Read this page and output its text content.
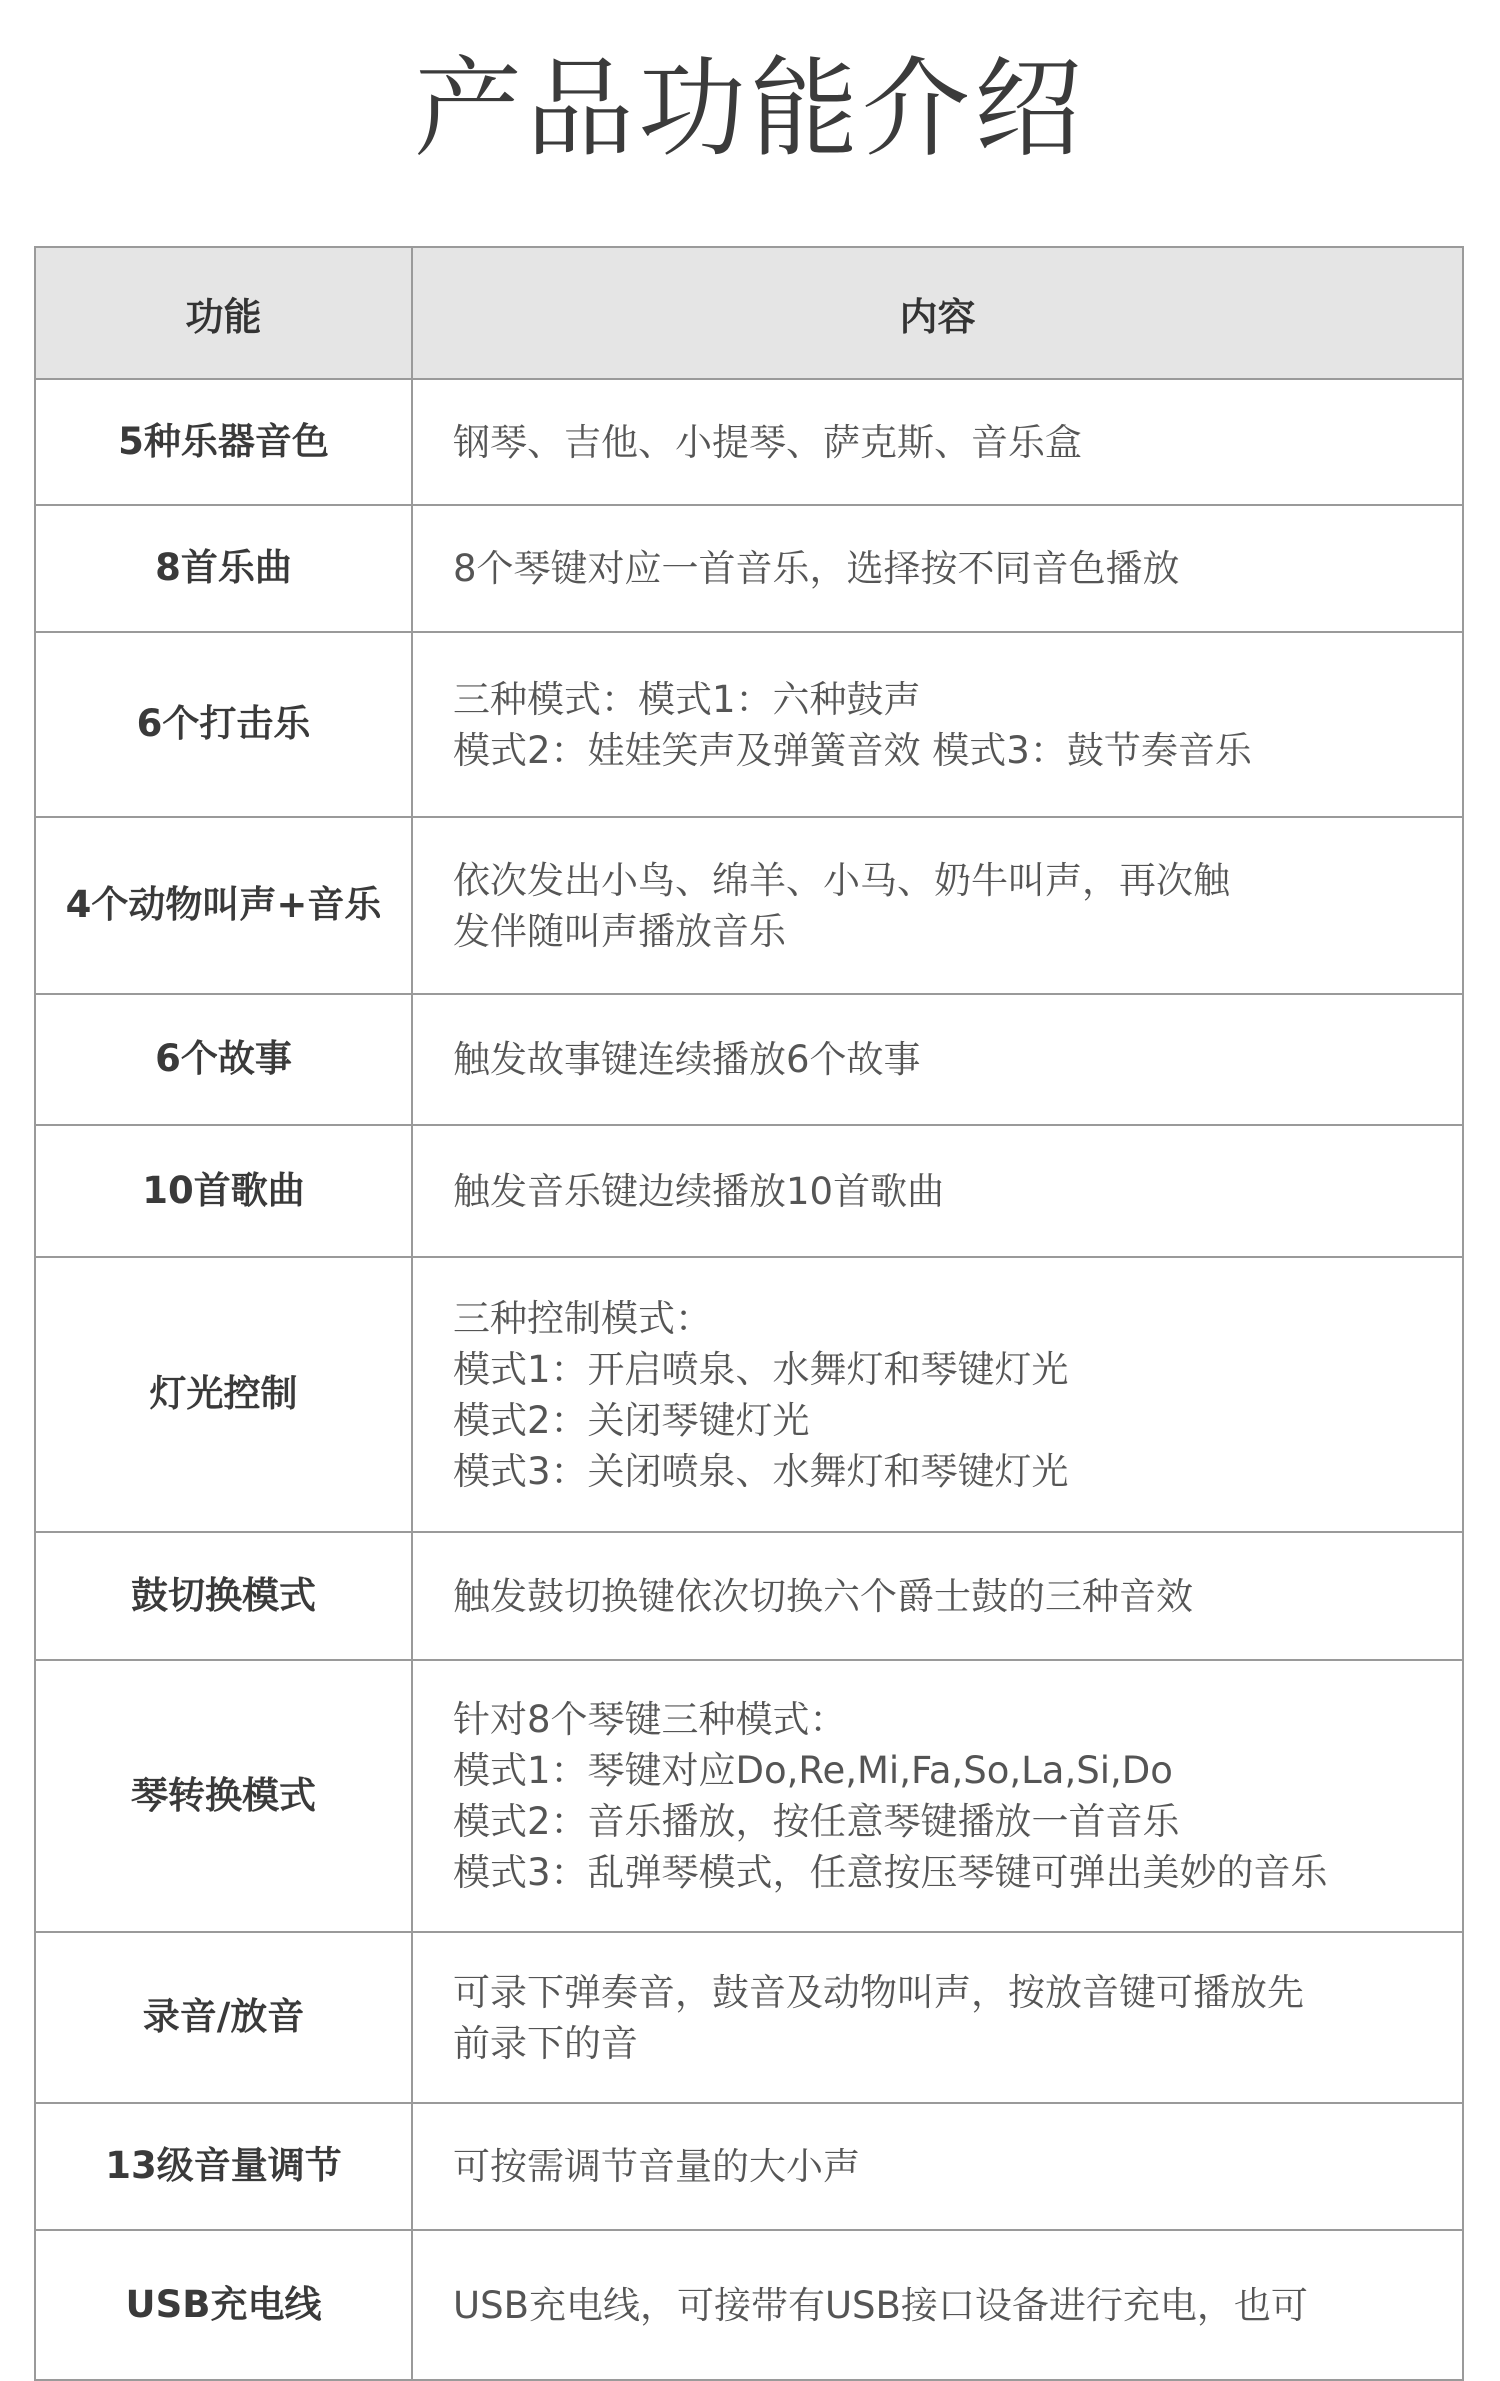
产品功能介绍
功能	内容
5种乐器音色	钢琴、吉他、小提琴、萨克斯、音乐盒

8首乐曲	8个琴键对应一首音乐，选择按不同音色播放

6个打击乐	三种模式：模式1：六种鼓声
模式2：娃娃笑声及弹簧音效 模式3：鼓节奏音乐

4个动物叫声+音乐	依次发出小鸟、绵羊、小马、奶牛叫声，再次触
发伴随叫声播放音乐

6个故事	触发故事键连续播放6个故事

10首歌曲	触发音乐键边续播放10首歌曲

灯光控制	三种控制模式：
模式1：开启喷泉、水舞灯和琴键灯光
模式2：关闭琴键灯光
模式3：关闭喷泉、水舞灯和琴键灯光

鼓切换模式	触发鼓切换键依次切换六个爵士鼓的三种音效

琴转换模式	针对8个琴键三种模式：
模式1：琴键对应Do,Re,Mi,Fa,So,La,Si,Do
模式2：音乐播放，按任意琴键播放一首音乐
模式3：乱弹琴模式，任意按压琴键可弹出美妙的音乐

录音/放音	可录下弹奏音，鼓音及动物叫声，按放音键可播放先
前录下的音

13级音量调节	可按需调节音量的大小声

USB充电线	USB充电线，可接带有USB接口设备进行充电，也可
